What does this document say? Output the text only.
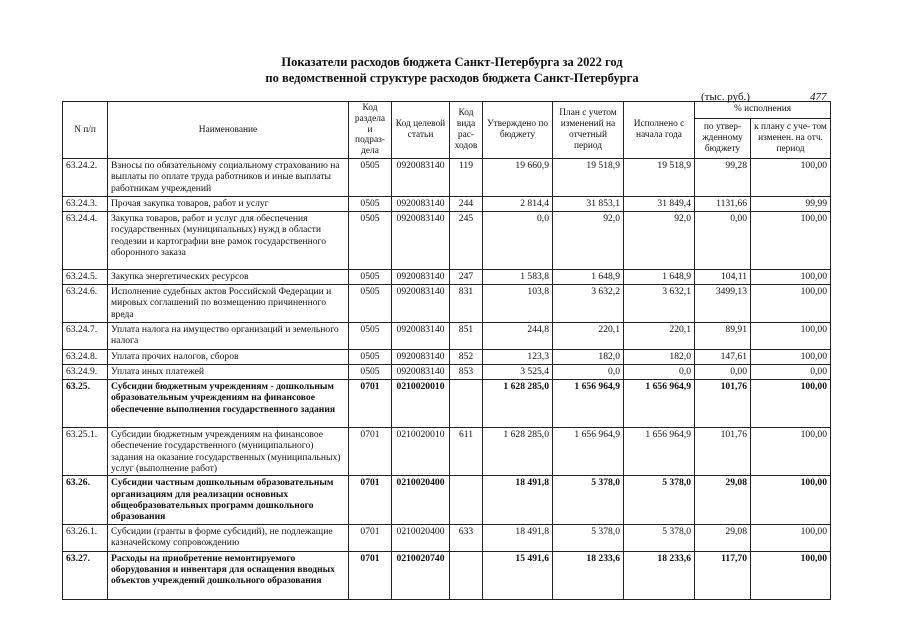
Показатели расходов бюджета Санкт-Петербурга за 2022 год
по ведомственной структуре расходов бюджета Санкт-Петербурга
(тыс. руб.)	477
N п/п	Наименование	Код раздела и подраз- дела	Код целевой статьи	Код вида рас- ходов	Утверждено по бюджету	План с учетом изменений на отчетный период	Исполнено с начала года	% исполнения	
								по утвер- жденному бюджету	к плану с уче- том изменен. на отч. период
63.24.2.	Взносы по обязательному социальному страхованию на выплаты по оплате труда работников и иные выплаты работникам учреждений	0505	0920083140	119	19 660,9	19 518,9	19 518,9	99,28	100,00
63.24.3.	Прочая закупка товаров, работ и услуг	0505	0920083140	244	2 814,4	31 853,1	31 849,4	1131,66	99,99
63.24.4.	Закупка товаров, работ и услуг для обеспечения государственных (муниципальных) нужд в области геодезии и картографии вне рамок государственного оборонного заказа	0505	0920083140	245	0,0	92,0	92,0	0,00	100,00
63.24.5.	Закупка энергетических ресурсов	0505	0920083140	247	1 583,8	1 648,9	1 648,9	104,11	100,00
63.24.6.	Исполнение судебных актов Российской Федерации и мировых соглашений по возмещению причиненного вреда	0505	0920083140	831	103,8	3 632,2	3 632,1	3499,13	100,00
63.24.7.	Уплата налога на имущество организаций и земельного налога	0505	0920083140	851	244,8	220,1	220,1	89,91	100,00
63.24.8.	Уплата прочих налогов, сборов	0505	0920083140	852	123,3	182,0	182,0	147,61	100,00
63.24.9.	Уплата иных платежей	0505	0920083140	853	3 525,4	0,0	0,0	0,00	0,00
63.25.	Субсидии бюджетным учреждениям - дошкольным образовательным учреждениям на финансовое обеспечение выполнения государственного задания	0701	0210020010		1 628 285,0	1 656 964,9	1 656 964,9	101,76	100,00
63.25.1.	Субсидии бюджетным учреждениям на финансовое обеспечение государственного (муниципального) задания на оказание государственных (муниципальных) услуг (выполнение работ)	0701	0210020010	611	1 628 285,0	1 656 964,9	1 656 964,9	101,76	100,00
63.26.	Субсидии частным дошкольным образовательным организациям для реализации основных общеобразовательных программ дошкольного образования	0701	0210020400		18 491,8	5 378,0	5 378,0	29,08	100,00
63.26.1.	Субсидии (гранты в форме субсидий), не подлежащие казначейскому сопровождению	0701	0210020400	633	18 491,8	5 378,0	5 378,0	29,08	100,00
63.27.	Расходы на приобретение немонтируемого оборудования и инвентаря для оснащения вводных объектов учреждений дошкольного образования	0701	0210020740		15 491,6	18 233,6	18 233,6	117,70	100,00
